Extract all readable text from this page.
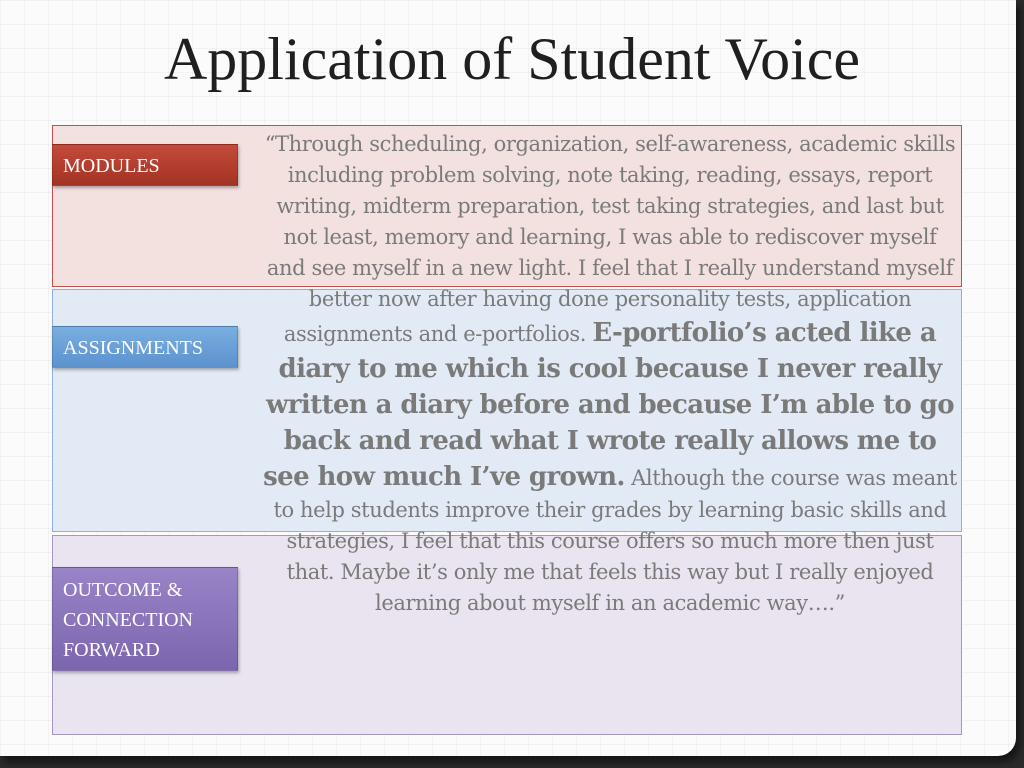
Application of Student Voice
MODULES
ASSIGNMENTS
OUTCOME & CONNECTION FORWARD

“Through scheduling, organization, self-awareness, academic skills including problem solving, note taking, reading, essays, report writing, midterm preparation, test taking strategies, and last but not least, memory and learning, I was able to rediscover myself and see myself in a new light. I feel that I really understand myself better now after having done personality tests, application assignments and e-portfolios. E-portfolio’s acted like a diary to me which is cool because I never really written a diary before and because I’m able to go back and read what I wrote really allows me to see how much I’ve grown. Although the course was meant to help students improve their grades by learning basic skills and strategies, I feel that this course offers so much more then just that. Maybe it’s only me that feels this way but I really enjoyed learning about myself in an academic way….”
